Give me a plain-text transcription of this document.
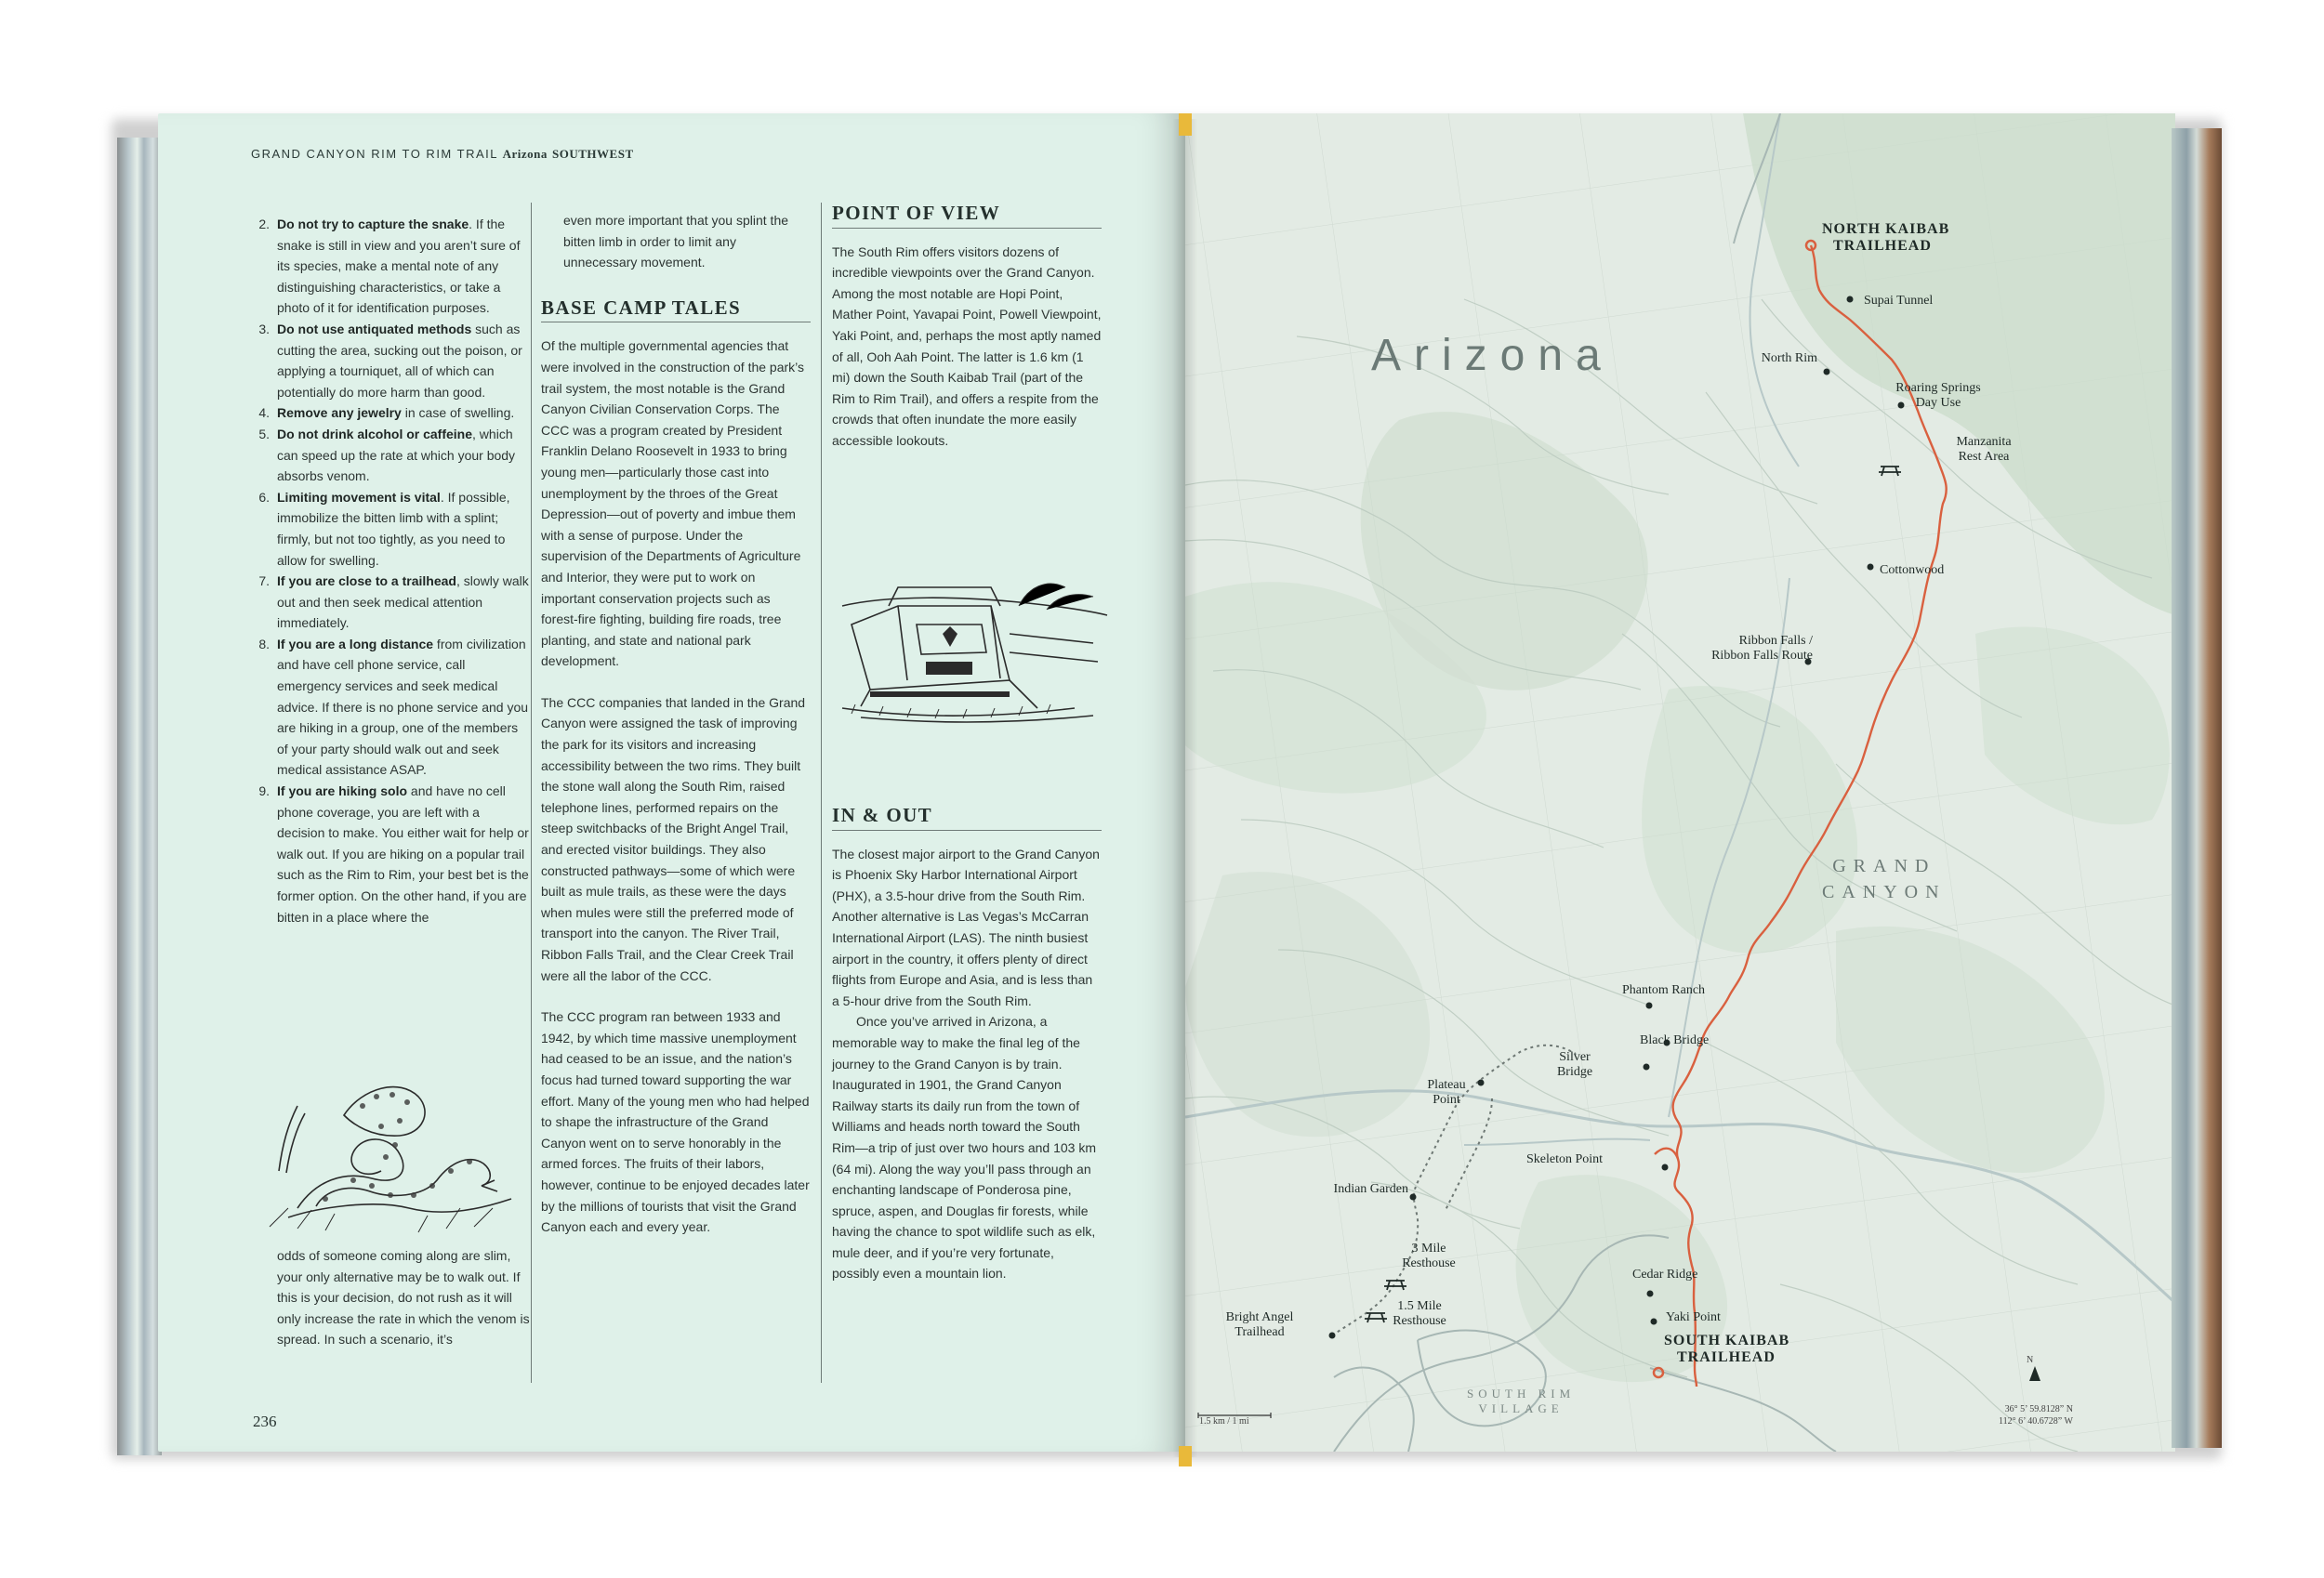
GRAND CANYON RIM TO RIM TRAIL Arizona SOUTHWEST
2. Do not try to capture the snake. If the snake is still in view and you aren’t sure of its species, make a mental note of any distinguishing characteristics, or take a photo of it for identification purposes.
3. Do not use antiquated methods such as cutting the area, sucking out the poison, or applying a tourniquet, all of which can potentially do more harm than good.
4. Remove any jewelry in case of swelling.
5. Do not drink alcohol or caffeine, which can speed up the rate at which your body absorbs venom.
6. Limiting movement is vital. If possible, immobilize the bitten limb with a splint; firmly, but not too tightly, as you need to allow for swelling.
7. If you are close to a trailhead, slowly walk out and then seek medical attention immediately.
8. If you are a long distance from civilization and have cell phone service, call emergency services and seek medical advice. If there is no phone service and you are hiking in a group, one of the members of your party should walk out and seek medical assistance ASAP.
9. If you are hiking solo and have no cell phone coverage, you are left with a decision to make. You either wait for help or walk out. If you are hiking on a popular trail such as the Rim to Rim, your best bet is the former option. On the other hand, if you are bitten in a place where the

odds of someone coming along are slim, your only alternative may be to walk out. If this is your decision, do not rush as it will only increase the rate in which the venom is spread. In such a scenario, it’s

even more important that you splint the bitten limb in order to limit any unnecessary movement.

BASE CAMP TALES

Of the multiple governmental agencies that were involved in the construction of the park’s trail system, the most notable is the Grand Canyon Civilian Conservation Corps. The CCC was a program created by President Franklin Delano Roosevelt in 1933 to bring young men—particularly those cast into unemployment by the throes of the Great Depression—out of poverty and imbue them with a sense of purpose. Under the supervision of the Departments of Agriculture and Interior, they were put to work on important conservation projects such as forest-fire fighting, building fire roads, tree planting, and state and national park development.

The CCC companies that landed in the Grand Canyon were assigned the task of improving the park for its visitors and increasing accessibility between the two rims. They built the stone wall along the South Rim, raised telephone lines, performed repairs on the steep switchbacks of the Bright Angel Trail, and erected visitor buildings. They also constructed pathways—some of which were built as mule trails, as these were the days when mules were still the preferred mode of transport into the canyon. The River Trail, Ribbon Falls Trail, and the Clear Creek Trail were all the labor of the CCC.

The CCC program ran between 1933 and 1942, by which time massive unemployment had ceased to be an issue, and the nation’s focus had turned toward supporting the war effort. Many of the young men who had helped to shape the infrastructure of the Grand Canyon went on to serve honorably in the armed forces. The fruits of their labors, however, continue to be enjoyed decades later by the millions of tourists that visit the Grand Canyon each and every year.

POINT OF VIEW

The South Rim offers visitors dozens of incredible viewpoints over the Grand Canyon. Among the most notable are Hopi Point, Mather Point, Yavapai Point, Powell Viewpoint, Yaki Point, and, perhaps the most aptly named of all, Ooh Aah Point. The latter is 1.6 km (1 mi) down the South Kaibab Trail (part of the Rim to Rim Trail), and offers a respite from the crowds that often inundate the more easily accessible lookouts.

IN & OUT

The closest major airport to the Grand Canyon is Phoenix Sky Harbor International Airport (PHX), a 3.5-hour drive from the South Rim. Another alternative is Las Vegas’s McCarran International Airport (LAS). The ninth busiest airport in the country, it offers plenty of direct flights from Europe and Asia, and is less than a 5-hour drive from the South Rim.

Once you’ve arrived in Arizona, a memorable way to make the final leg of the journey to the Grand Canyon is by train. Inaugurated in 1901, the Grand Canyon Railway starts its daily run from the town of Williams and heads north toward the South Rim—a trip of just over two hours and 103 km (64 mi). Along the way you’ll pass through an enchanting landscape of Ponderosa pine, spruce, aspen, and Douglas fir forests, while having the chance to spot wildlife such as elk, mule deer, and if you’re very fortunate, possibly even a mountain lion.

236
Arizona
GRAND
CANYON
SOUTH RIM
VILLAGE
NORTH KAIBAB
TRAILHEAD
Supai Tunnel
North Rim
Roaring Springs
Day Use
Manzanita
Rest Area
Cottonwood
Ribbon Falls /
Ribbon Falls Route
Phantom Ranch
Black Bridge
Silver
Bridge
Plateau
Point
Skeleton Point
Indian Garden
3 Mile
Resthouse
Cedar Ridge
1.5 Mile
Resthouse	Yaki Point
Bright Angel
Trailhead
SOUTH KAIBAB
TRAILHEAD	N
1.5 km / 1 mi
36° 5’ 59.8128” N
112° 6’ 40.6728” W
